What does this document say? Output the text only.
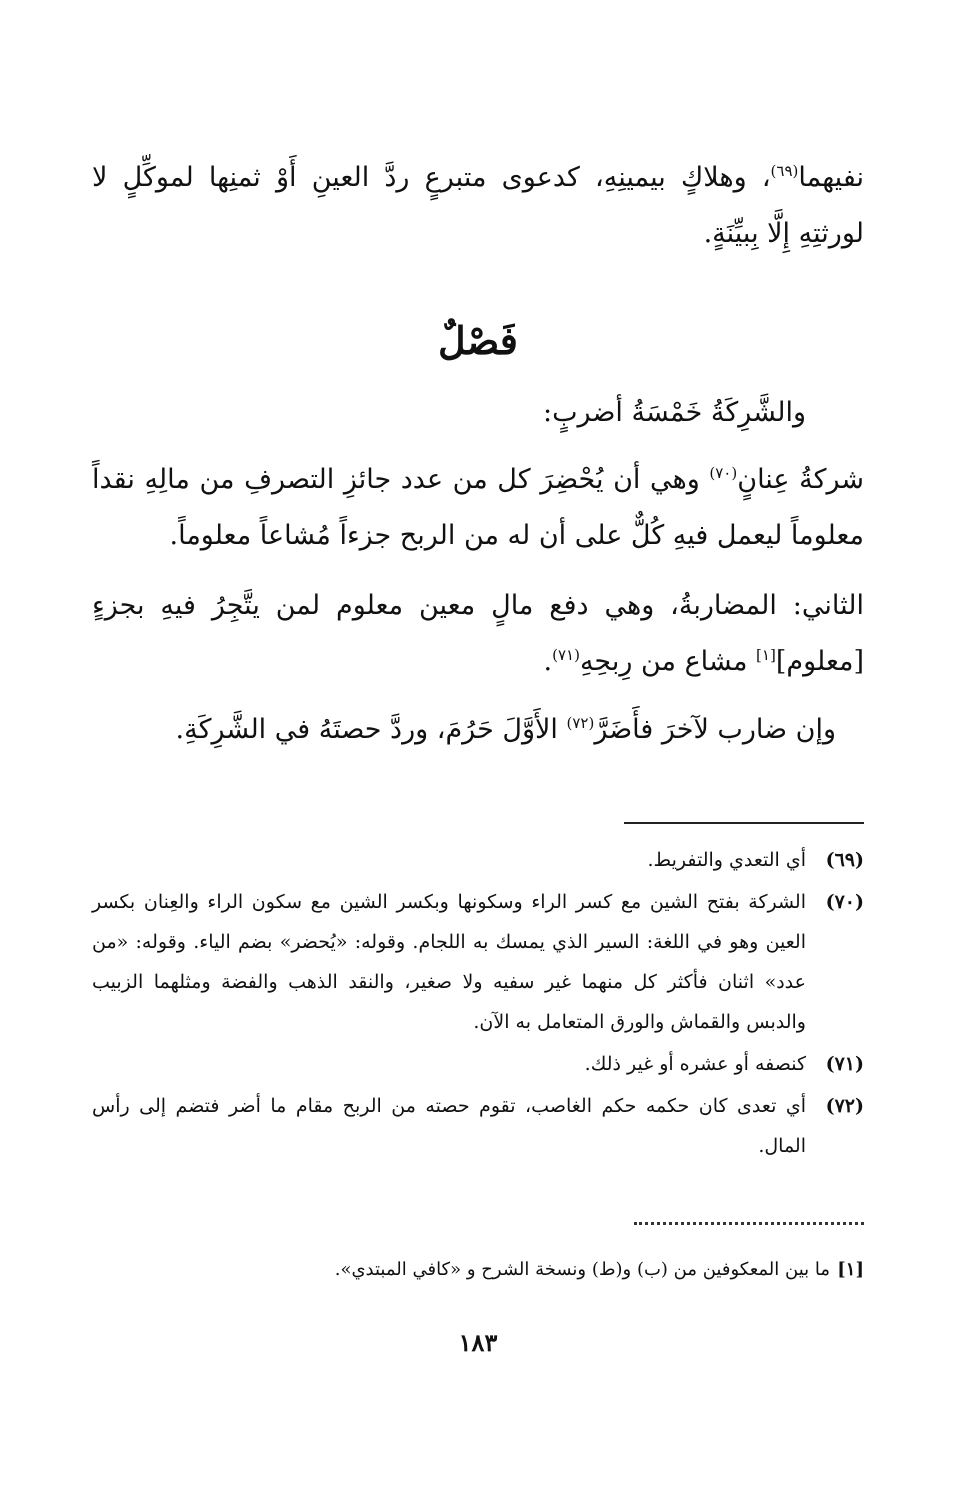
نفيهما$^{(٦٩)}$، وهلاكٍ بيمينِهِ، كدعوى متبرعٍ ردَّ العينِ أَوْ ثمنِها لموكِّلٍ لا لورثتِهِ إِلَّا بِبيِّنَةٍ.

فَصْلٌ

والشَّرِكَةُ خَمْسَةُ أضربٍ:

شركةُ عِنانٍ$^{(٧٠)}$ وهي أن يُحْضِرَ كل من عدد جائزِ التصرفِ من مالِهِ نقداً معلوماً ليعمل فيهِ كُلٌّ على أن له من الربح جزءاً مُشاعاً معلوماً.

الثاني: المضاربةُ، وهي دفع مالٍ معين معلوم لمن يتَّجِرُ فيهِ بجزءٍ [معلوم][١] مشاع من رِبحِهِ$^{(٧١)}$.

وإن ضارب لآخرَ فأَضَرَّ$^{(٧٢)}$ الأَوَّلَ حَرُمَ، وردَّ حصتَهُ في الشَّرِكَةِ.

(٦٩)
أي التعدي والتفريط.
(٧٠)
الشركة بفتح الشين مع كسر الراء وسكونها وبكسر الشين مع سكون الراء والعِنان بكسر العين وهو في اللغة: السير الذي يمسك به اللجام. وقوله: «يُحضر» بضم الياء. وقوله: «من عدد» اثنان فأكثر كل منهما غير سفيه ولا صغير، والنقد الذهب والفضة ومثلهما الزبيب والدبس والقماش والورق المتعامل به الآن.
(٧١)
كنصفه أو عشره أو غير ذلك.
(٧٢)
أي تعدى كان حكمه حكم الغاصب، تقوم حصته من الربح مقام ما أضر فتضم إلى رأس المال.
[١]
ما بين المعكوفين من (ب) و(ط) ونسخة الشرح و «كافي المبتدي».
١٨٣
